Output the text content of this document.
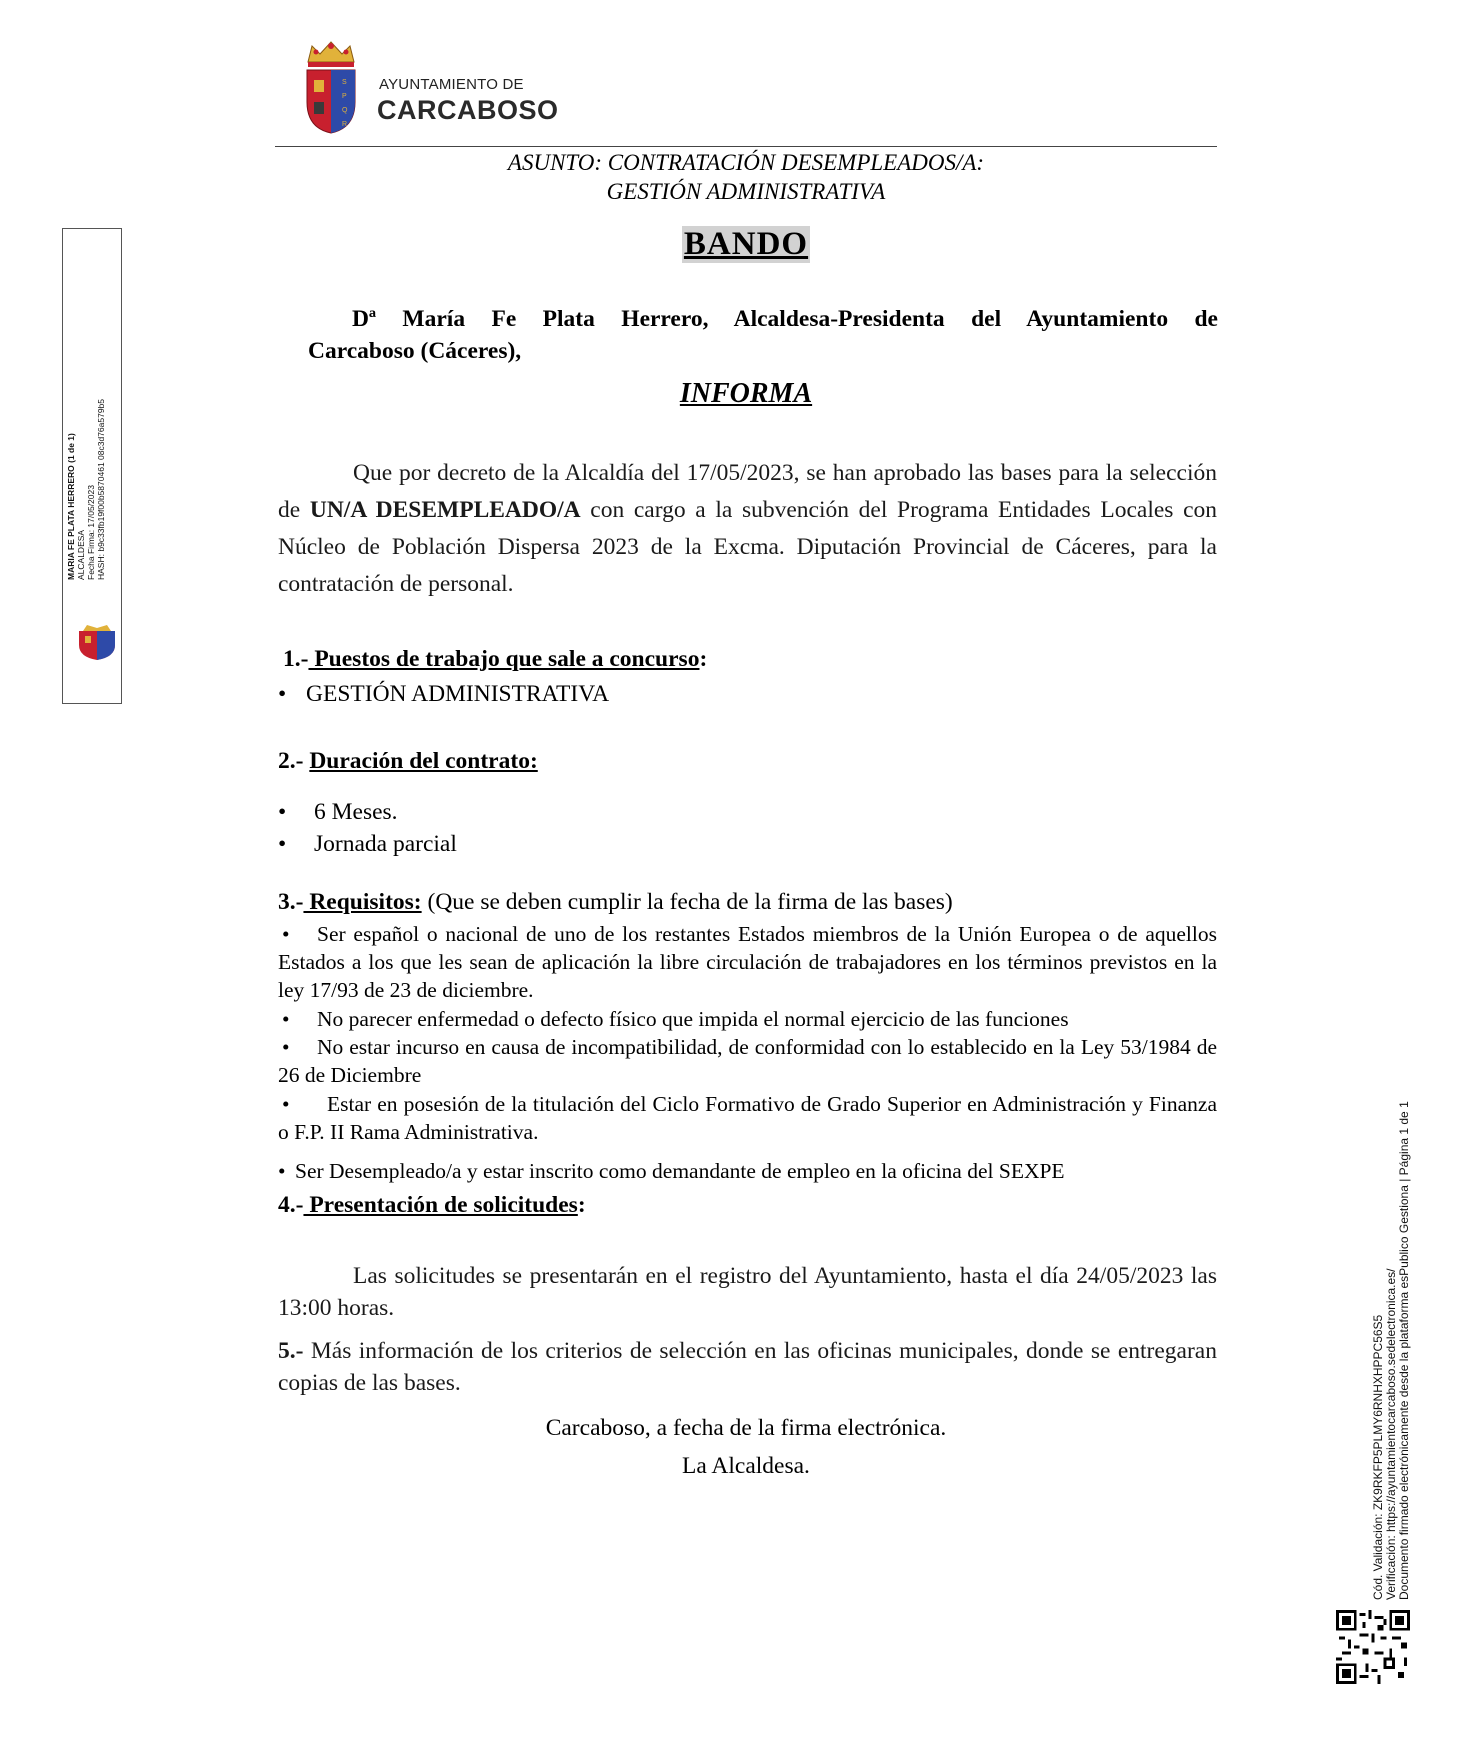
S
P
Q
R
AYUNTAMIENTO DE
CARCABOSO
ASUNTO: CONTRATACIÓN DESEMPLEADOS/A:
GESTIÓN ADMINISTRATIVA
BANDO
Dª María Fe Plata Herrero, Alcaldesa-Presidenta del Ayuntamiento de
Carcaboso (Cáceres),
INFORMA
Que por decreto de la Alcaldía del 17/05/2023, se han aprobado las bases para la selección de UN/A DESEMPLEADO/A con cargo a la subvención del Programa Entidades Locales con Núcleo de Población Dispersa 2023 de la Excma. Diputación Provincial de Cáceres, para la contratación de personal.
1.- Puestos de trabajo que sale a concurso:
• GESTIÓN ADMINISTRATIVA
2.- Duración del contrato:
• 6 Meses.
• Jornada parcial
3.- Requisitos: (Que se deben cumplir la fecha de la firma de las bases)
• Ser español o nacional de uno de los restantes Estados miembros de la Unión Europea o de aquellos Estados a los que les sean de aplicación la libre circulación de trabajadores en los términos previstos en la ley 17/93 de 23 de diciembre.
• No parecer enfermedad o defecto físico que impida el normal ejercicio de las funciones
• No estar incurso en causa de incompatibilidad, de conformidad con lo establecido en la Ley 53/1984 de 26 de Diciembre
• Estar en posesión de la titulación del Ciclo Formativo de Grado Superior en Administración y Finanza o F.P. II Rama Administrativa.
• Ser Desempleado/a y estar inscrito como demandante de empleo en la oficina del SEXPE
4.- Presentación de solicitudes:
Las solicitudes se presentarán en el registro del Ayuntamiento, hasta el día 24/05/2023 las 13:00 horas.
5.- Más información de los criterios de selección en las oficinas municipales, donde se entregaran copias de las bases.
Carcaboso, a fecha de la firma electrónica.
La Alcaldesa.
MARIA FE PLATA HERRERO (1 de 1) ALCALDESA Fecha Firma: 17/05/2023 HASH: b9c33fb19f00b5870461 08c3d76a579b5
Cód. Validación: ZK9RKFP5PLMY6RNHXHPPC56S5 Verificación: https://ayuntamientocarcaboso.sedelectronica.es/ Documento firmado electrónicamente desde la plataforma esPublico Gestiona | Página 1 de 1
